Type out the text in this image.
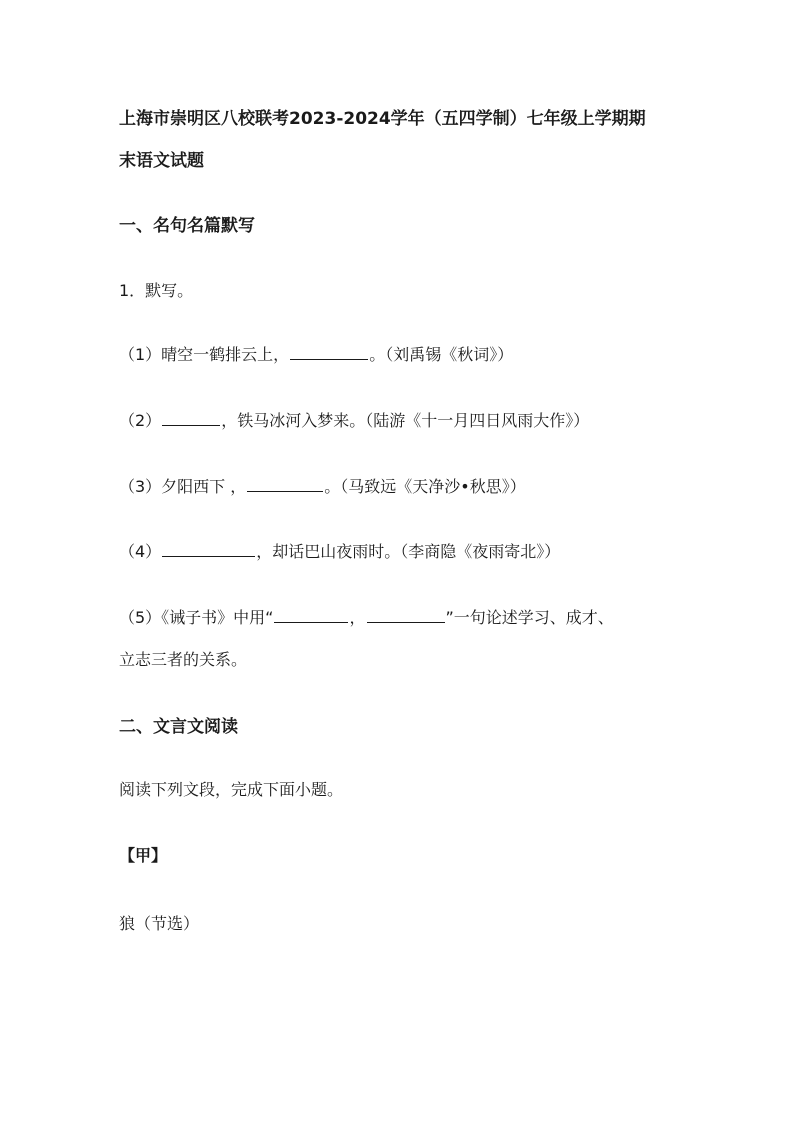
上海市崇明区八校联考2023-2024学年（五四学制）七年级上学期期
末语文试题
一、名句名篇默写
1．默写。
（1）晴空一鹤排云上，	。（刘禹锡《秋词》）
（2）	，铁马冰河入梦来。（陆游《十一月四日风雨大作》）
（3）夕阳西下 ，	。（马致远《天净沙•秋思》）
（4）	，却话巴山夜雨时。（李商隐《夜雨寄北》）
（5）《诫子书》中用“	，	”一句论述学习、成才、
立志三者的关系。
二、文言文阅读
阅读下列文段，完成下面小题。
【甲】
狼（节选）
